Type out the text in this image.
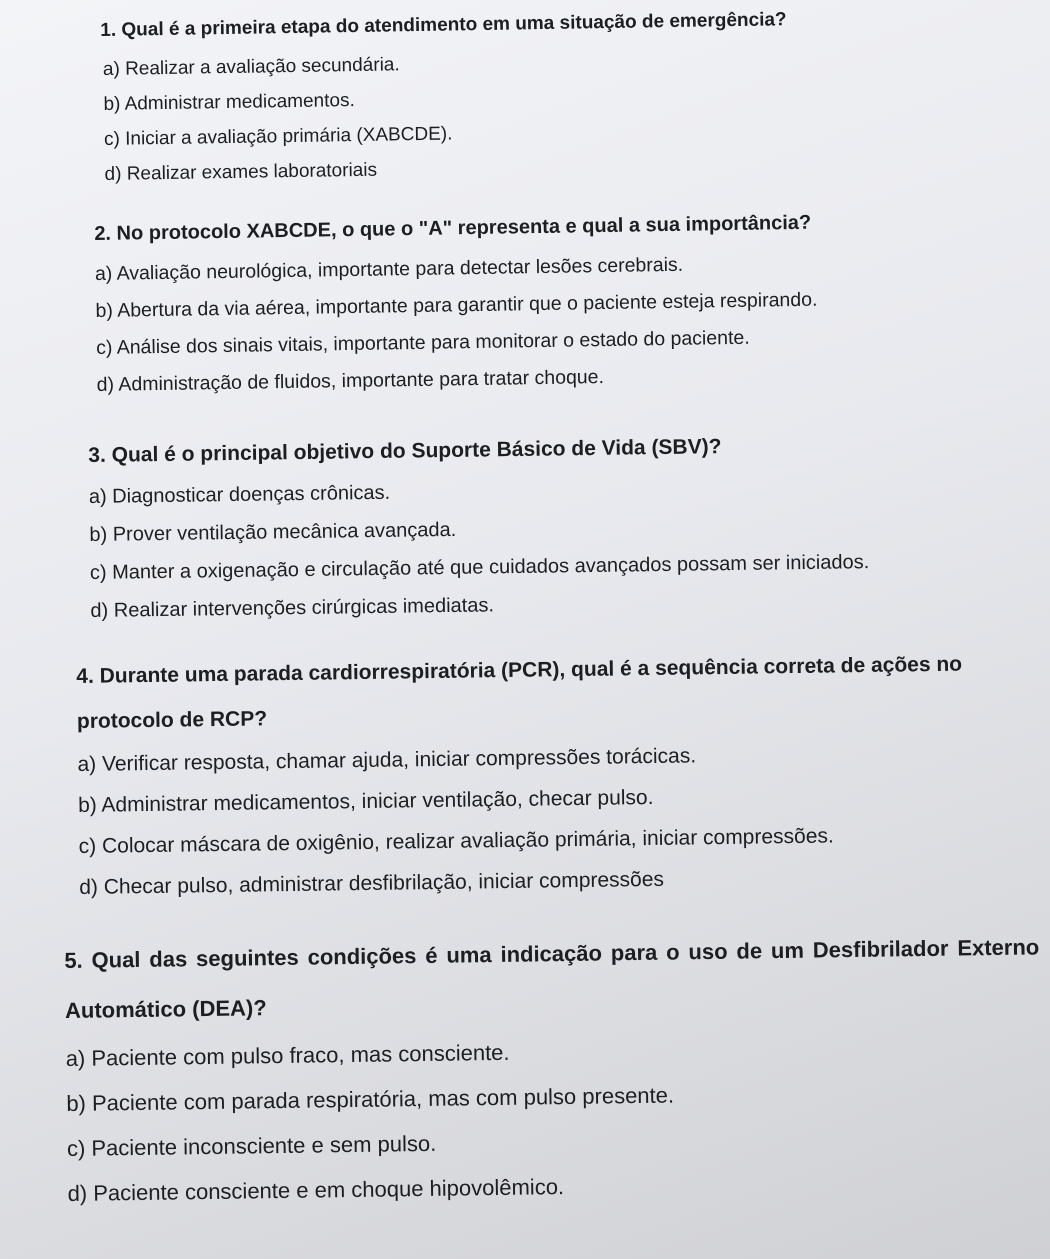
1. Qual é a primeira etapa do atendimento em uma situação de emergência?

a) Realizar a avaliação secundária.

b) Administrar medicamentos.

c) Iniciar a avaliação primária (XABCDE).

d) Realizar exames laboratoriais

2. No protocolo XABCDE, o que o "A" representa e qual a sua importância?

a) Avaliação neurológica, importante para detectar lesões cerebrais.

b) Abertura da via aérea, importante para garantir que o paciente esteja respirando.

c) Análise dos sinais vitais, importante para monitorar o estado do paciente.

d) Administração de fluidos, importante para tratar choque.

3. Qual é o principal objetivo do Suporte Básico de Vida (SBV)?

a) Diagnosticar doenças crônicas.

b) Prover ventilação mecânica avançada.

c) Manter a oxigenação e circulação até que cuidados avançados possam ser iniciados.

d) Realizar intervenções cirúrgicas imediatas.

4. Durante uma parada cardiorrespiratória (PCR), qual é a sequência correta de ações no protocolo de RCP?

a) Verificar resposta, chamar ajuda, iniciar compressões torácicas.

b) Administrar medicamentos, iniciar ventilação, checar pulso.

c) Colocar máscara de oxigênio, realizar avaliação primária, iniciar compressões.

d) Checar pulso, administrar desfibrilação, iniciar compressões

5. Qual das seguintes condições é uma indicação para o uso de um Desfibrilador Externo Automático (DEA)?

a) Paciente com pulso fraco, mas consciente.

b) Paciente com parada respiratória, mas com pulso presente.

c) Paciente inconsciente e sem pulso.

d) Paciente consciente e em choque hipovolêmico.
